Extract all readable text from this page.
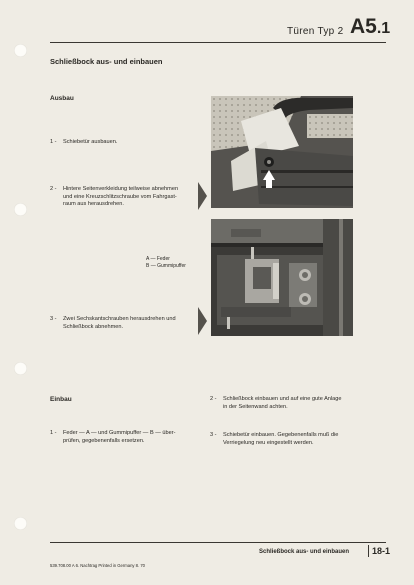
Türen Typ 2 A5.1
Schließbock aus- und einbauen
Ausbau
1 - Schiebetür ausbauen.
2 - Hintere Seitenverkleidung teilweise abnehmen
und eine Kreuzschlitzschraube vom Fahrgast-
raum aus herausdrehen.
A — Feder
B — Gummipuffer
3 - Zwei Sechskantschrauben herausdrehen und
Schließbock abnehmen.
Einbau
1 - Feder — A — und Gummipuffer — B — über-
prüfen, gegebenenfalls ersetzen.
2 - Schließbock einbauen und auf eine gute Anlage
in der Seitenwand achten.
3 - Schiebetür einbauen. Gegebenenfalls muß die
Verriegelung neu eingestellt werden.
Schließbock aus- und einbauen	18-1
539.708.00 A 6. Nachtrag Printed in Germany 8. 70
